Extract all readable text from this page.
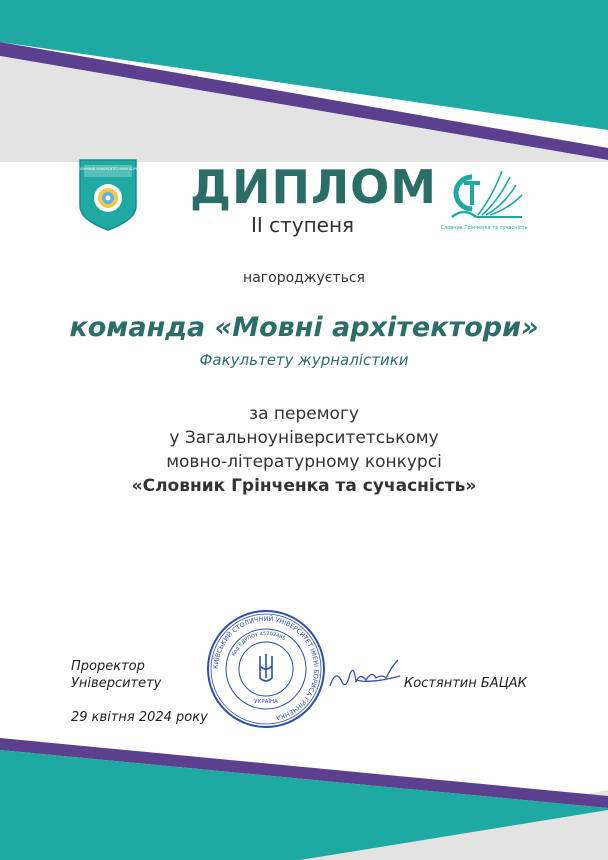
КИЇВСЬКИЙ СТОЛИЧНИЙ УНІВЕРСИТЕТ ІМЕНІ БОРИСА ГРІНЧЕНКА
Словник Грінченка та сучасність
ДИПЛОМ
ІІ ступеня
нагороджується
команда «Мовні архітектори»
Факультету журналістики
за перемогу
у Загальноуніверситетському
мовно-літературному конкурсі
«Словник Грінченка та сучасність»
Проректор
Університету	Костянтин БАЦАК
29 квітня 2024 року
КИЇВСЬКИЙ СТОЛИЧНИЙ УНІВЕРСИТЕТ ІМЕНІ БОРИСА ГРІНЧЕНКА
Код ЄДРПОУ 45207465
УКРАЇНА
